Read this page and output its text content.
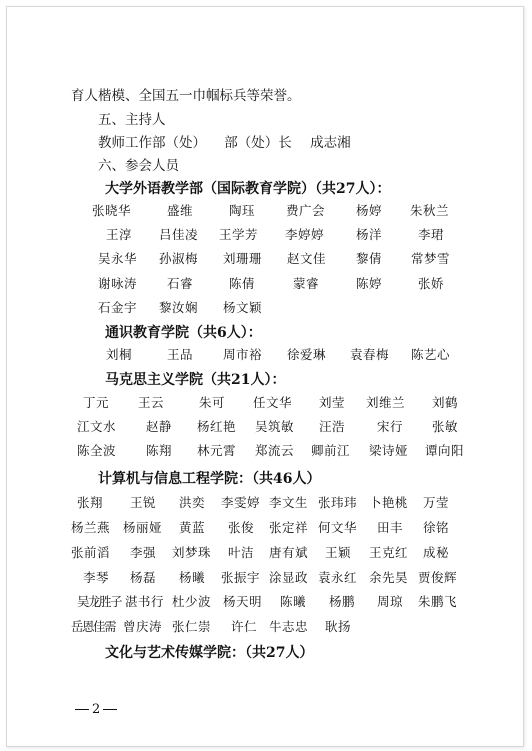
育人楷模、全国五一巾帼标兵等荣誉。
五、主持人
教师工作部（处） 部（处）长 成志湘
六、参会人员
大学外语教学部（国际教育学院）（共27人）：
张晓华	盛维	陶珏 费广会 杨婷 朱秋兰
王淳 吕佳凌 王学芳 李婷婷	杨洋	李珺
吴永华 孙淑梅 刘珊珊 赵文佳 黎倩 常梦雪
谢咏涛 石睿	陈倩	蒙睿	陈婷	张娇
石金宇 黎汝娴 杨文颖
通识教育学院（共6人）：
刘桐	王品 周市裕 徐爱琳 袁春梅 陈艺心
马克思主义学院（共21人）：
丁元 王云	朱可 任文华 刘莹 刘维兰 刘鹤
江文水 赵静 杨红艳 吴筑敏 汪浩	宋行 张敏
陈全波 陈翔 林元霄 郑流云 卿前江 梁诗娅 谭向阳
计算机与信息工程学院：（共46人）
张翔 王锐 洪奕 李雯婷 李文生 张玮玮 卜艳桃 万莹
杨兰燕 杨丽娅 黄蓝 张俊 张定祥 何文华 田丰 徐铭
张前滔 李强 刘梦珠 叶洁 唐有斌 王颖 王克红 成秘
李琴 杨磊 杨曦 张振宇 涂显政 袁永红 余先昊 贾俊辉
吴龙胜子 湛书行 杜少波 杨天明 陈曦 杨鹏 周琼 朱鹏飞
岳恩佳需 曾庆涛 张仁崇 许仁 牛志忠 耿扬
文化与艺术传媒学院：（共27人）
2
